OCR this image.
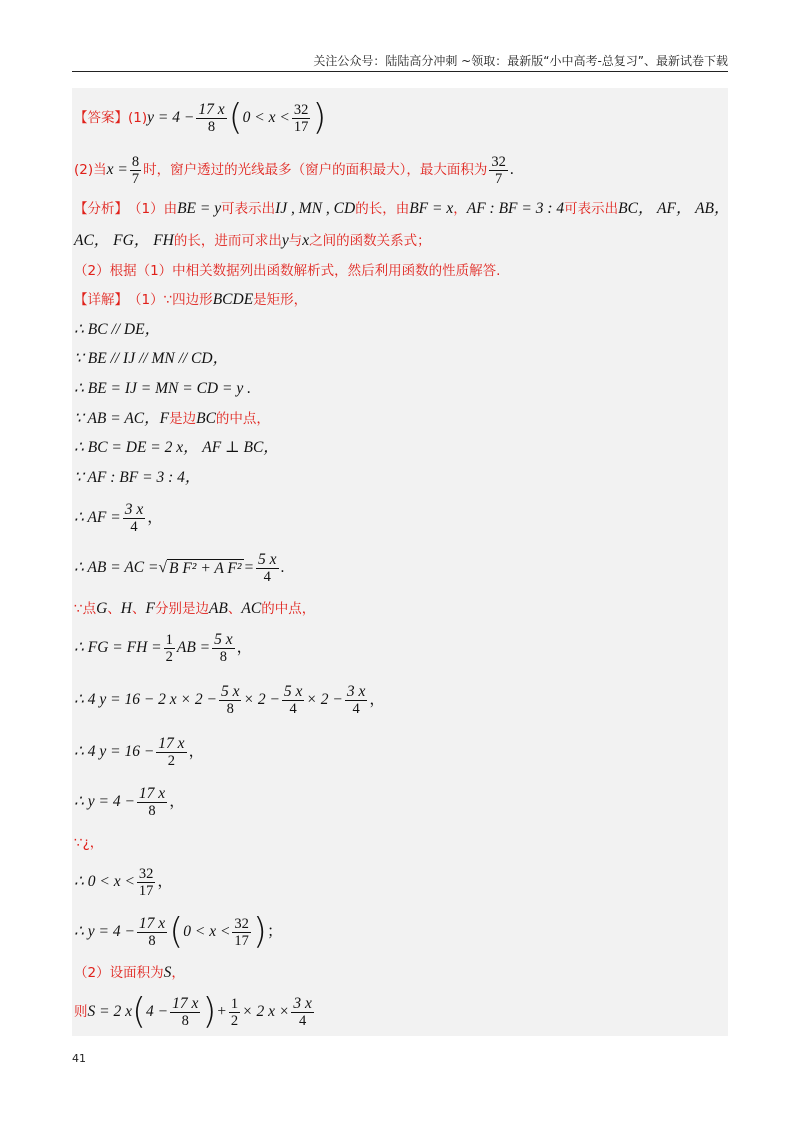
关注公众号：陆陆高分冲刺 ~领取：最新版“小中高考-总复习”、最新试卷下载
【答案】 (1) $y = 4 - \frac{17 x}{8}$ ( $0 < x < \frac{32}{17}$ )
(2)当 $x = \frac{8}{7}$ 时，窗户透过的光线最多（窗户的面积最大），最大面积为 $\frac{32}{7}$ .
【分析】 （1）由 BE = y 可表示出 IJ , MN , CD 的长，由 BF = x ， AF : BF = 3 : 4 可表示出 BC， AF， AB，
AC， FG， FH 的长，进而可求出 y 与 x 之间的函数关系式；
（2）根据（1）中相关数据列出函数解析式，然后利用函数的性质解答.
【详解】 （1）∵四边形 BCDE 是矩形，
∴ BC // DE，
∵ BE // IJ // MN // CD，
∴ BE = IJ = MN = CD = y .
∵ AB = AC， F 是边 BC 的中点，
∴ BC = DE = 2 x， AF ⊥ BC，
∵ AF : BF = 3 : 4，
∴ AF = $\frac{3 x}{4}$ ，
∴ AB = AC = √ B F² + A $F^2 = \frac{5 x}{4}$ .
∵点 G 、 H 、 F 分别是边 AB 、 AC 的中点，
∴ FG = FH = $\frac{1}{2}$ AB = $\frac{5 x}{8}$ ，
∴ 4 y = 16 − 2 $x \times 2 - \frac{5 x}{8} \times 2 - \frac{5 x}{4} \times 2 - \frac{3 x}{4}$ ，
∴ 4 $y = 16 - \frac{17 x}{2}$ ，
∴ $y = 4 - \frac{17 x}{8}$ ，
∵¿，
∴ $0 < x < \frac{32}{17}$ ，
∴ $y = 4 - \frac{17 x}{8}$ ( $0 < x < \frac{32}{17}$ ) ；
（2）设面积为 S ，
则 S = 2 x ( $4 - \frac{17 x}{8}$ ) + $\frac{1}{2} \times 2$ $x \times \frac{3 x}{4}$
41
